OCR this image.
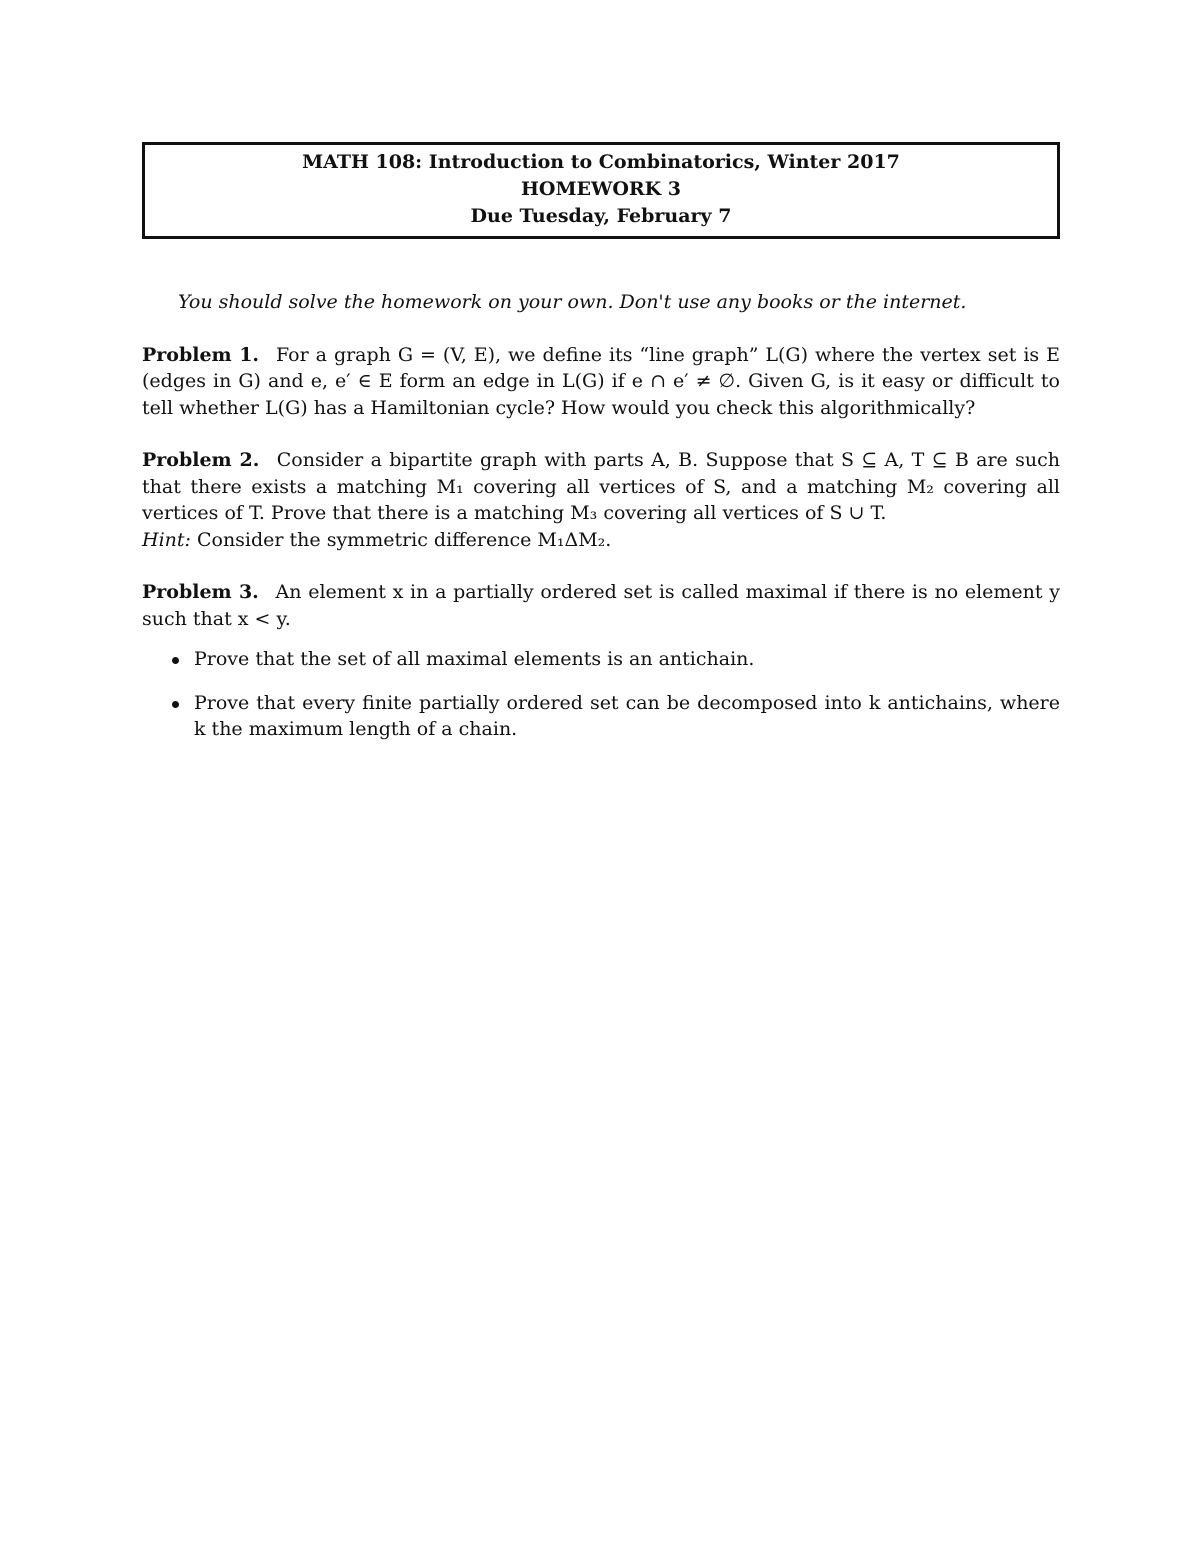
MATH 108: Introduction to Combinatorics, Winter 2017
HOMEWORK 3
Due Tuesday, February 7
You should solve the homework on your own. Don't use any books or the internet.
Problem 1. For a graph G = (V, E), we define its “line graph” L(G) where the vertex set is E (edges in G) and e, e′ ∈ E form an edge in L(G) if e ∩ e′ ≠ ∅. Given G, is it easy or difficult to tell whether L(G) has a Hamiltonian cycle? How would you check this algorithmically?
Problem 2. Consider a bipartite graph with parts A, B. Suppose that S ⊆ A, T ⊆ B are such that there exists a matching M₁ covering all vertices of S, and a matching M₂ covering all vertices of T. Prove that there is a matching M₃ covering all vertices of S ∪ T.
Hint: Consider the symmetric difference M₁ΔM₂.
Problem 3. An element x in a partially ordered set is called maximal if there is no element y such that x < y.
Prove that the set of all maximal elements is an antichain.
Prove that every finite partially ordered set can be decomposed into k antichains, where k the maximum length of a chain.
